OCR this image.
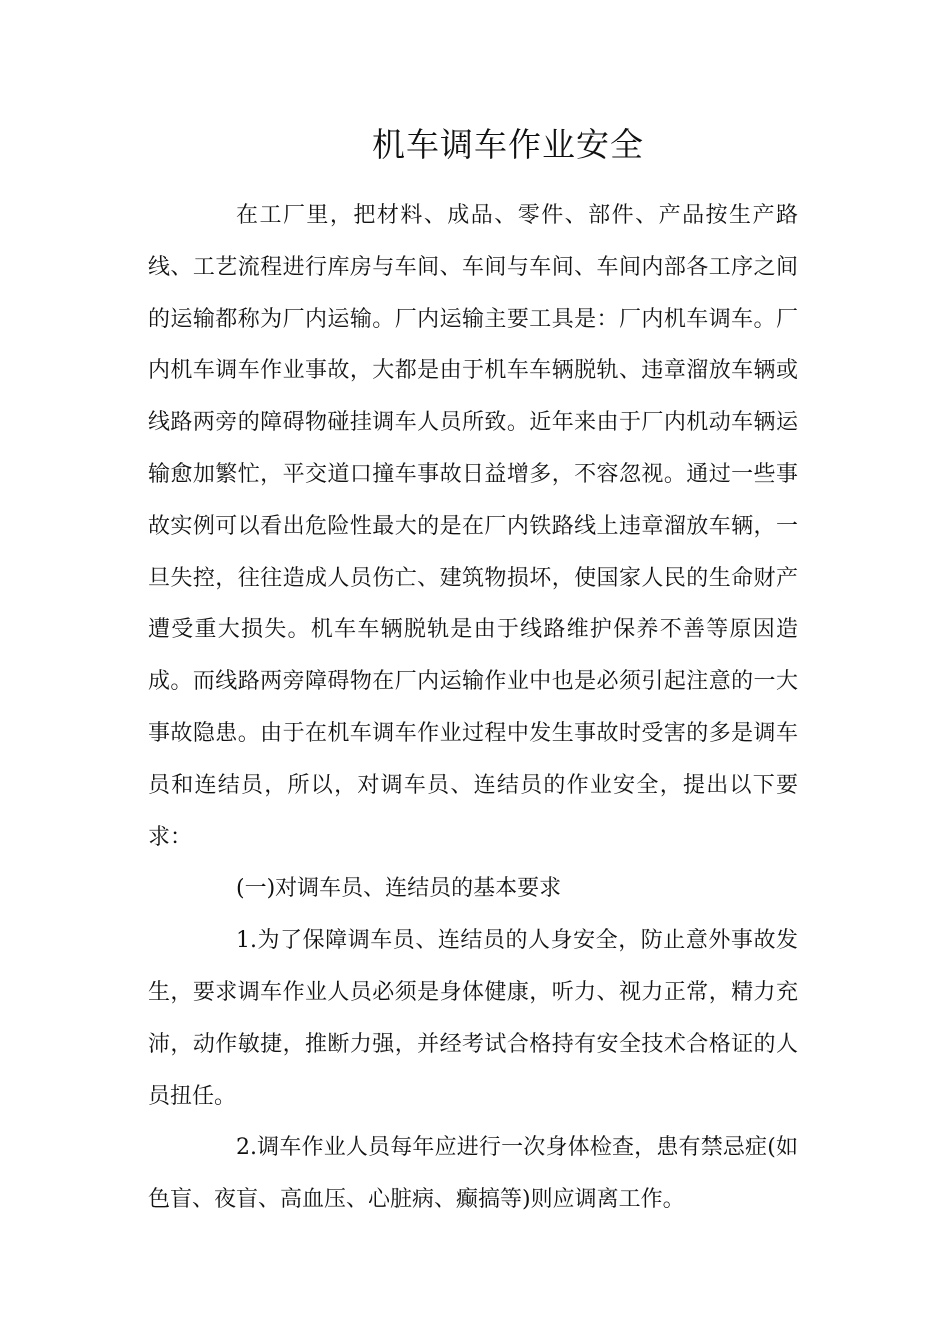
机车调车作业安全

在工厂里，把材料、成品、零件、部件、产品按生产路线、工艺流程进行库房与车间、车间与车间、车间内部各工序之间的运输都称为厂内运输。厂内运输主要工具是：厂内机车调车。厂内机车调车作业事故，大都是由于机车车辆脱轨、违章溜放车辆或线路两旁的障碍物碰挂调车人员所致。近年来由于厂内机动车辆运输愈加繁忙，平交道口撞车事故日益增多，不容忽视。通过一些事故实例可以看出危险性最大的是在厂内铁路线上违章溜放车辆，一旦失控，往往造成人员伤亡、建筑物损坏，使国家人民的生命财产遭受重大损失。机车车辆脱轨是由于线路维护保养不善等原因造成。而线路两旁障碍物在厂内运输作业中也是必须引起注意的一大事故隐患。由于在机车调车作业过程中发生事故时受害的多是调车员和连结员，所以，对调车员、连结员的作业安全，提出以下要求：

(一)对调车员、连结员的基本要求

1.为了保障调车员、连结员的人身安全，防止意外事故发生，要求调车作业人员必须是身体健康，听力、视力正常，精力充沛，动作敏捷，推断力强，并经考试合格持有安全技术合格证的人员扭任。

2.调车作业人员每年应进行一次身体检查，患有禁忌症(如色盲、夜盲、高血压、心脏病、癫搞等)则应调离工作。
